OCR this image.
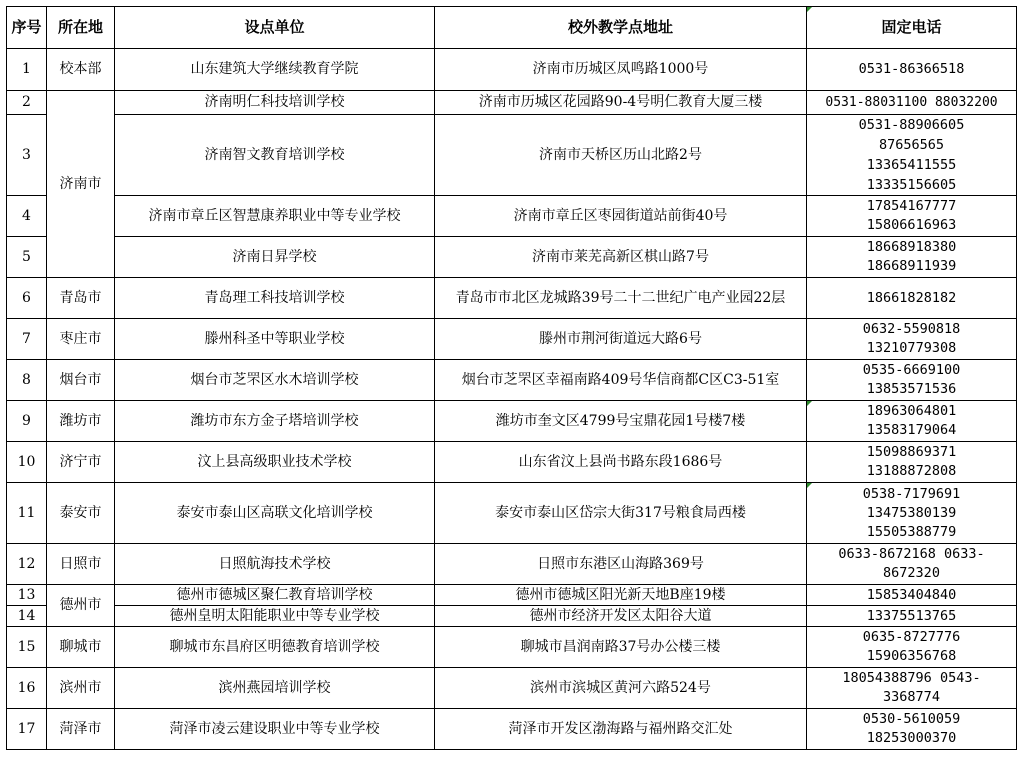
序号	所在地	设点单位	校外教学点地址	固定电话
1	校本部	山东建筑大学继续教育学院	济南市历城区凤鸣路1000号	0531-86366518
2	济南市	济南明仁科技培训学校	济南市历城区花园路90-4号明仁教育大厦三楼	0531-88031100 88032200
3		济南智文教育培训学校	济南市天桥区历山北路2号	0531-88906605 87656565 13365411555 13335156605
4		济南市章丘区智慧康养职业中等专业学校	济南市章丘区枣园街道站前街40号	17854167777 15806616963
5		济南日昇学校	济南市莱芜高新区棋山路7号	18668918380 18668911939
6	青岛市	青岛理工科技培训学校	青岛市市北区龙城路39号二十二世纪广电产业园22层	18661828182
7	枣庄市	滕州科圣中等职业学校	滕州市荆河街道远大路6号	0632-5590818 13210779308
8	烟台市	烟台市芝罘区水木培训学校	烟台市芝罘区幸福南路409号华信商都C区C3-51室	0535-6669100 13853571536
9	潍坊市	潍坊市东方金子塔培训学校	潍坊市奎文区4799号宝鼎花园1号楼7楼	18963064801 13583179064
10	济宁市	汶上县高级职业技术学校	山东省汶上县尚书路东段1686号	15098869371 13188872808
11	泰安市	泰安市泰山区高联文化培训学校	泰安市泰山区岱宗大街317号粮食局西楼	0538-7179691 13475380139 15505388779
12	日照市	日照航海技术学校	日照市东港区山海路369号	0633-8672168 0633-8672320
13	德州市	德州市德城区聚仁教育培训学校	德州市德城区阳光新天地B座19楼	15853404840
14		德州皇明太阳能职业中等专业学校	德州市经济开发区太阳谷大道	13375513765
15	聊城市	聊城市东昌府区明德教育培训学校	聊城市昌润南路37号办公楼三楼	0635-8727776 15906356768
16	滨州市	滨州燕园培训学校	滨州市滨城区黄河六路524号	18054388796 0543-3368774
17	菏泽市	菏泽市凌云建设职业中等专业学校	菏泽市开发区渤海路与福州路交汇处	0530-5610059 18253000370
